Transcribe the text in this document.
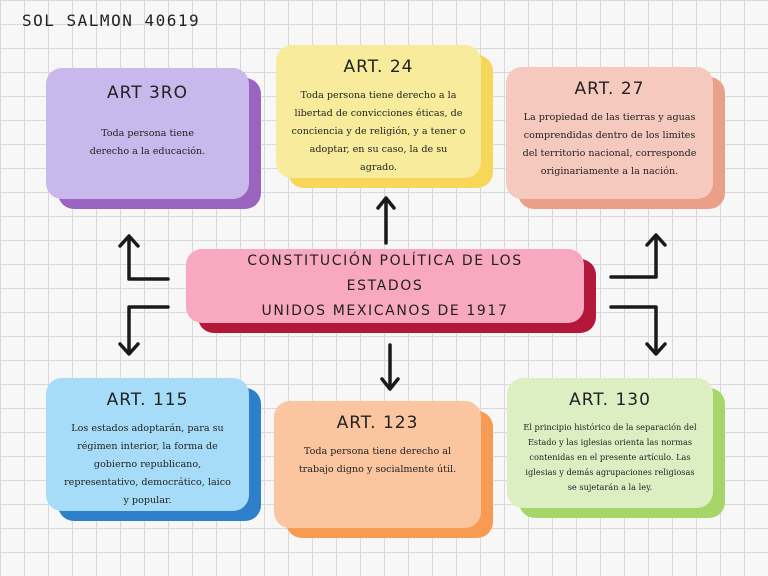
SOL SALMON 40619
ART 3RO

Toda persona tiene derecho a la educación.

ART. 24

Toda persona tiene derecho a la libertad de convicciones éticas, de conciencia y de religión, y a tener o adoptar, en su caso, la de su agrado.

ART. 27

La propiedad de las tierras y aguas comprendidas dentro de los limites del territorio nacional, corresponde originariamente a la nación.

ART. 115

Los estados adoptarán, para su régimen interior, la forma de gobierno republicano, representativo, democrático, laico y popular.

ART. 123

Toda persona tiene derecho al trabajo digno y socialmente útil.

ART. 130

El principio histórico de la separación del Estado y las iglesias orienta las normas contenidas en el presente artículo. Las iglesias y demás agrupaciones religiosas se sujetarán a la ley.

CONSTITUCIÓN POLÍTICA DE LOS ESTADOS
UNIDOS MEXICANOS DE 1917
